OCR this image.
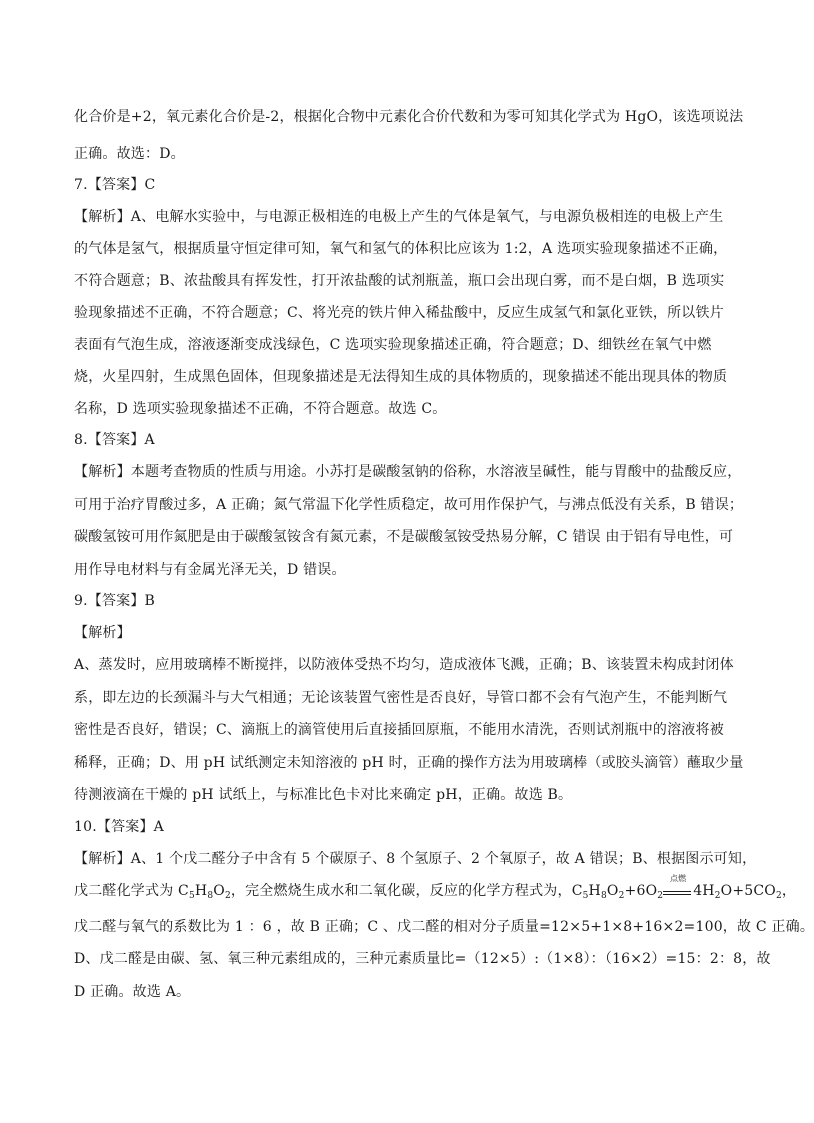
化合价是+2，氧元素化合价是-2，根据化合物中元素化合价代数和为零可知其化学式为 HgO，该选项说法
正确。故选：D。
7.【答案】C
【解析】A、电解水实验中，与电源正极相连的电极上产生的气体是氧气，与电源负极相连的电极上产生
的气体是氢气，根据质量守恒定律可知，氧气和氢气的体积比应该为 1:2，A 选项实验现象描述不正确，
不符合题意；B、浓盐酸具有挥发性，打开浓盐酸的试剂瓶盖，瓶口会出现白雾，而不是白烟，B 选项实
验现象描述不正确，不符合题意；C、将光亮的铁片伸入稀盐酸中，反应生成氢气和氯化亚铁，所以铁片
表面有气泡生成，溶液逐渐变成浅绿色，C 选项实验现象描述正确，符合题意；D、细铁丝在氧气中燃
烧，火星四射，生成黑色固体，但现象描述是无法得知生成的具体物质的，现象描述不能出现具体的物质
名称，D 选项实验现象描述不正确，不符合题意。故选 C。
8.【答案】A
【解析】本题考查物质的性质与用途。小苏打是碳酸氢钠的俗称，水溶液呈碱性，能与胃酸中的盐酸反应，
可用于治疗胃酸过多，A 正确；氮气常温下化学性质稳定，故可用作保护气，与沸点低没有关系，B 错误；
碳酸氢铵可用作氮肥是由于碳酸氢铵含有氮元素，不是碳酸氢铵受热易分解，C 错误 由于铝有导电性，可
用作导电材料与有金属光泽无关，D 错误。
9.【答案】B
【解析】
A、蒸发时，应用玻璃棒不断搅拌，以防液体受热不均匀，造成液体飞溅，正确；B、该装置未构成封闭体
系，即左边的长颈漏斗与大气相通；无论该装置气密性是否良好，导管口都不会有气泡产生，不能判断气
密性是否良好，错误；C、滴瓶上的滴管使用后直接插回原瓶，不能用水清洗，否则试剂瓶中的溶液将被
稀释，正确；D、用 pH 试纸测定未知溶液的 pH 时，正确的操作方法为用玻璃棒（或胶头滴管）蘸取少量
待测液滴在干燥的 pH 试纸上，与标准比色卡对比来确定 pH，正确。故选 B。
10.【答案】A
【解析】A、1 个戊二醛分子中含有 5 个碳原子、8 个氢原子、2 个氧原子，故 A 错误；B、根据图示可知，
戊二醛化学式为 $C_5H_8O_2$，完全燃烧生成水和二氧化碳，反应的化学方程式为，$C_5H_8O_2+6O_2$
点燃
$4H_2O+5CO_2$，
戊二醛与氧气的系数比为 1 ：6 ，故 B 正确；C 、戊二醛的相对分子质量=12×5+1×8+16×2=100，故 C 正确。
D、戊二醛是由碳、氢、氧三种元素组成的，三种元素质量比=（12×5）:（1×8）：（16×2）=15：2：8，故
D 正确。故选 A。
